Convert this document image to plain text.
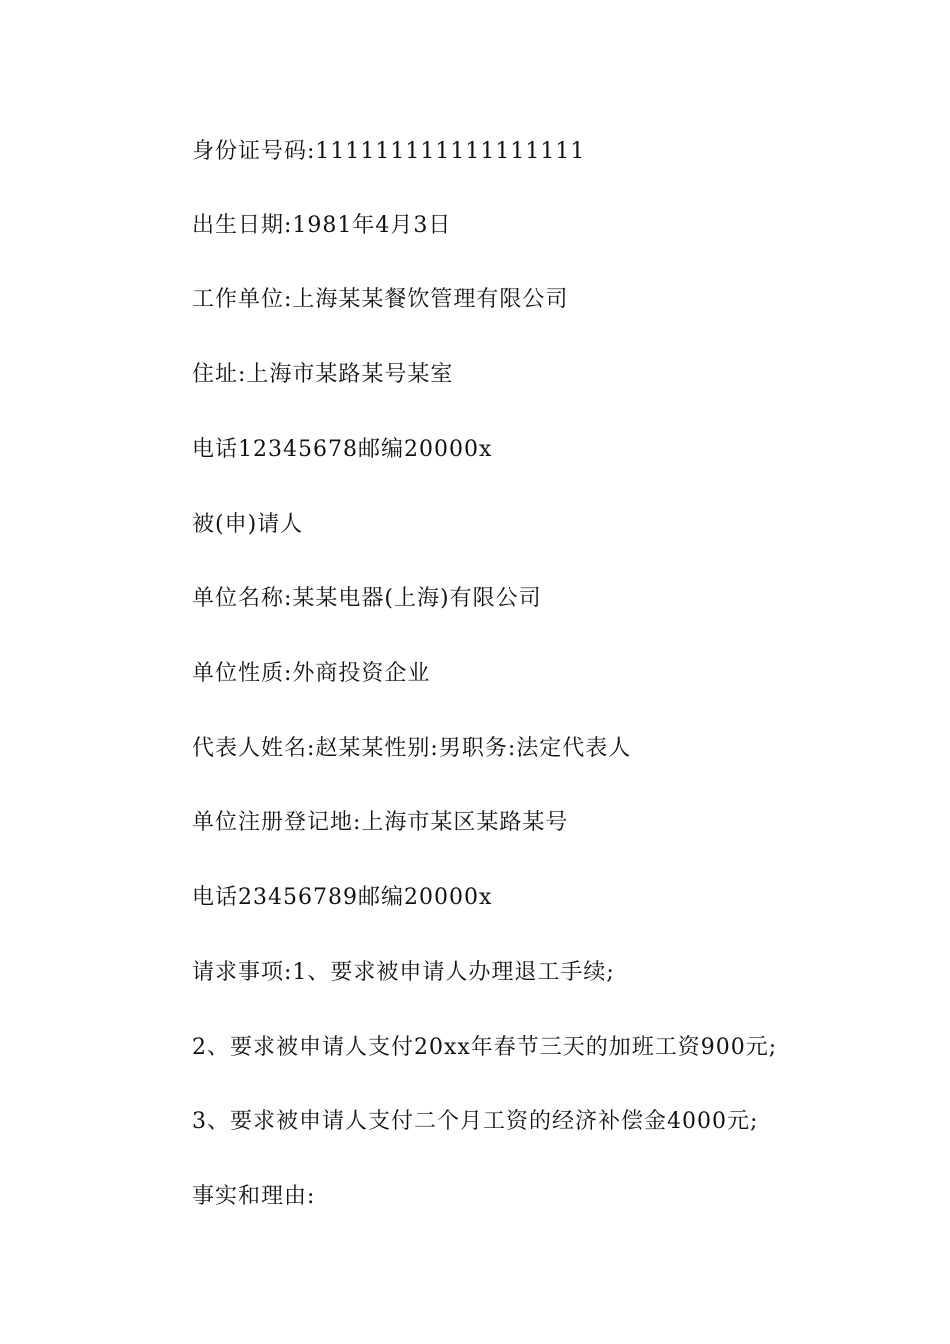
身份证号码:111111111111111111
出生日期:1981年4月3日
工作单位:上海某某餐饮管理有限公司
住址:上海市某路某号某室
电话12345678邮编20000x
被(申)请人
单位名称:某某电器(上海)有限公司
单位性质:外商投资企业
代表人姓名:赵某某性别:男职务:法定代表人
单位注册登记地:上海市某区某路某号
电话23456789邮编20000x
请求事项:1、要求被申请人办理退工手续;
2、要求被申请人支付20xx年春节三天的加班工资900元;
3、要求被申请人支付二个月工资的经济补偿金4000元;
事实和理由:
